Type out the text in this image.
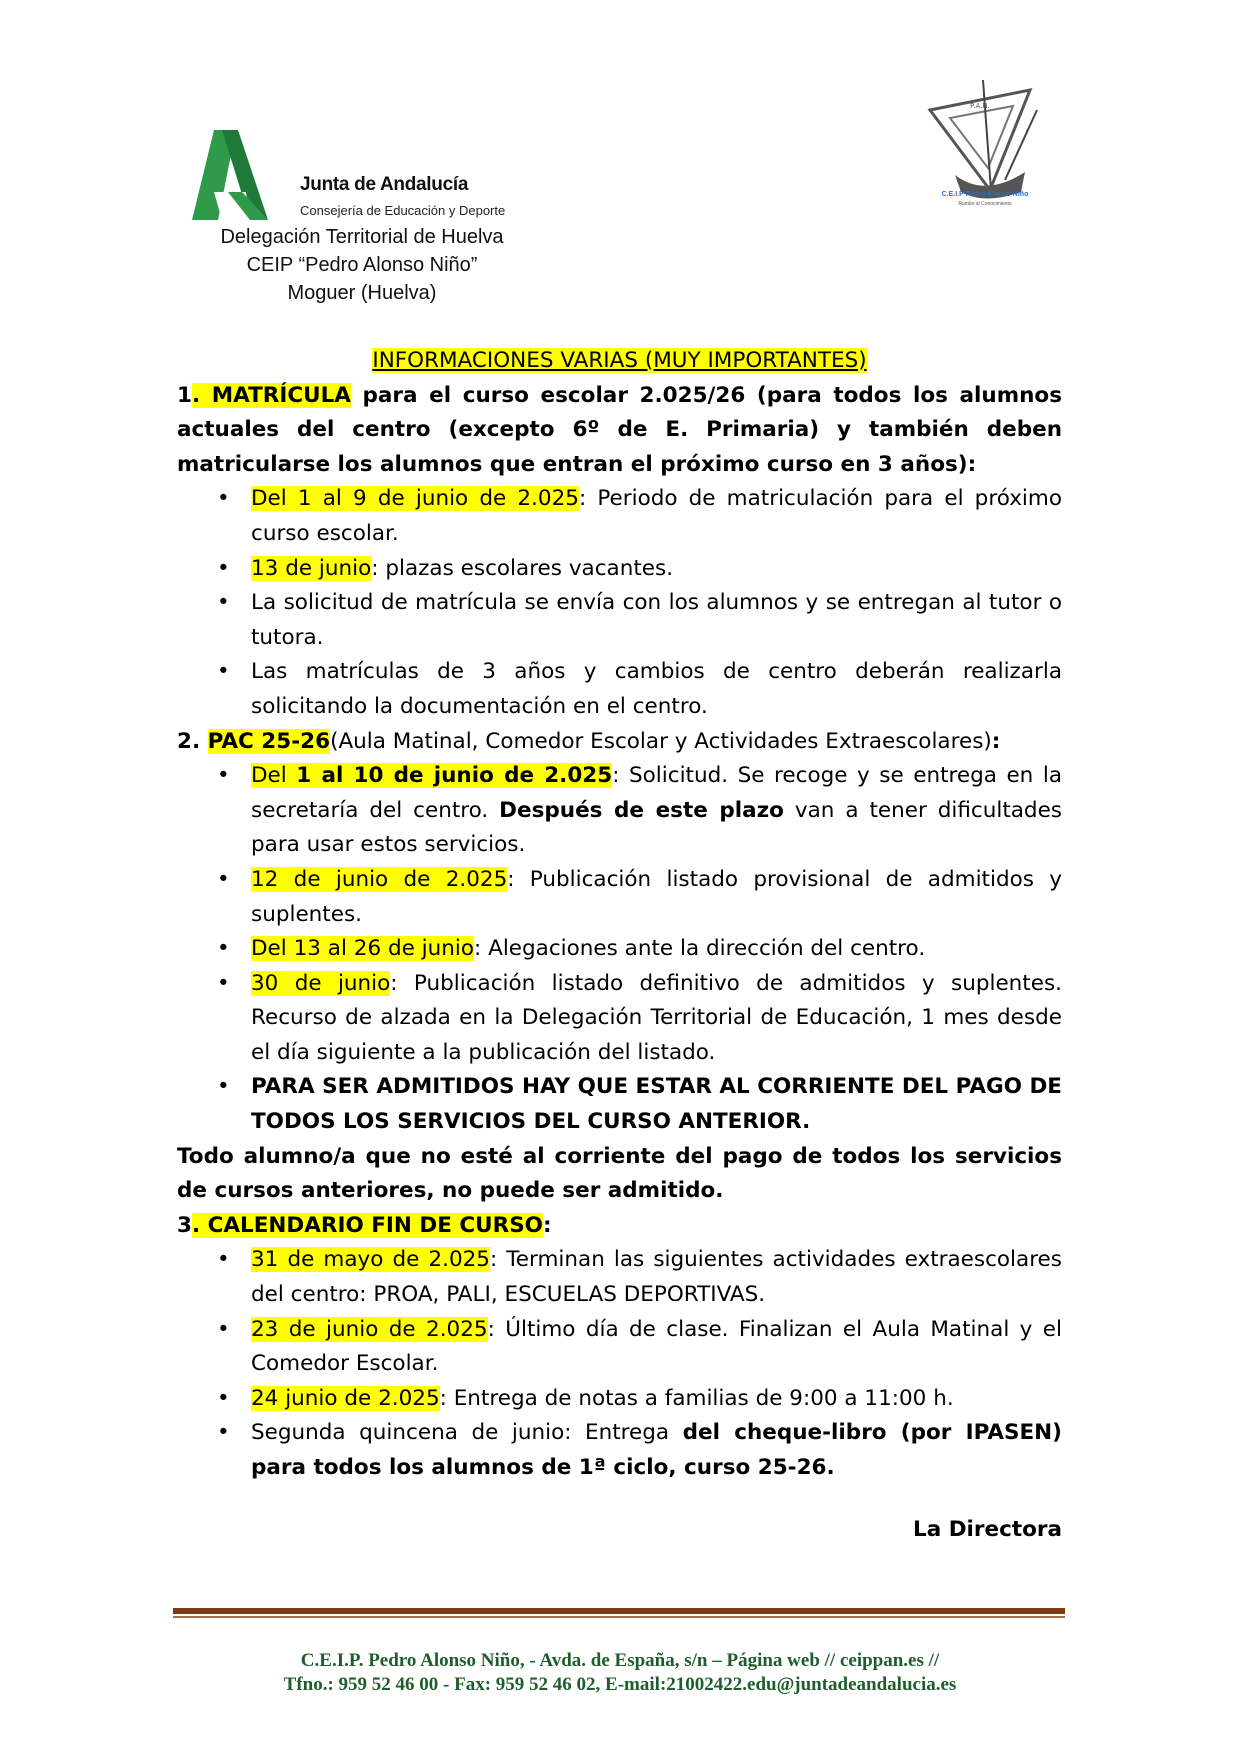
Junta de Andalucía
Consejería de Educación y Deporte
Delegación Territorial de Huelva
CEIP “Pedro Alonso Niño”
Moguer (Huelva)
P.A.N.
C.E.I.P Pedro Alonso Niño
Rumbo al Conocimiento
INFORMACIONES VARIAS (MUY IMPORTANTES)

1. MATRÍCULA para el curso escolar 2.025/26 (para todos los alumnos actuales del centro (excepto 6º de E. Primaria) y también deben matricularse los alumnos que entran el próximo curso en 3 años):

• Del 1 al 9 de junio de 2.025: Periodo de matriculación para el próximo curso escolar.
• 13 de junio: plazas escolares vacantes.
• La solicitud de matrícula se envía con los alumnos y se entregan al tutor o tutora.
• Las matrículas de 3 años y cambios de centro deberán realizarla solicitando la documentación en el centro.

2. PAC 25-26(Aula Matinal, Comedor Escolar y Actividades Extraescolares):

• Del 1 al 10 de junio de 2.025: Solicitud. Se recoge y se entrega en la secretaría del centro. Después de este plazo van a tener dificultades para usar estos servicios.
• 12 de junio de 2.025: Publicación listado provisional de admitidos y suplentes.
• Del 13 al 26 de junio: Alegaciones ante la dirección del centro.
• 30 de junio: Publicación listado definitivo de admitidos y suplentes. Recurso de alzada en la Delegación Territorial de Educación, 1 mes desde el día siguiente a la publicación del listado.
• PARA SER ADMITIDOS HAY QUE ESTAR AL CORRIENTE DEL PAGO DE TODOS LOS SERVICIOS DEL CURSO ANTERIOR.

Todo alumno/a que no esté al corriente del pago de todos los servicios de cursos anteriores, no puede ser admitido.

3. CALENDARIO FIN DE CURSO:

• 31 de mayo de 2.025: Terminan las siguientes actividades extraescolares del centro: PROA, PALI, ESCUELAS DEPORTIVAS.
• 23 de junio de 2.025: Último día de clase. Finalizan el Aula Matinal y el Comedor Escolar.
• 24 junio de 2.025: Entrega de notas a familias de 9:00 a 11:00 h.
• Segunda quincena de junio: Entrega del cheque-libro (por IPASEN) para todos los alumnos de 1ª ciclo, curso 25-26.
La Directora
C.E.I.P. Pedro Alonso Niño, - Avda. de España, s/n – Página web // ceippan.es //
Tfno.: 959 52 46 00 - Fax: 959 52 46 02, E-mail:21002422.edu@juntadeandalucia.es
